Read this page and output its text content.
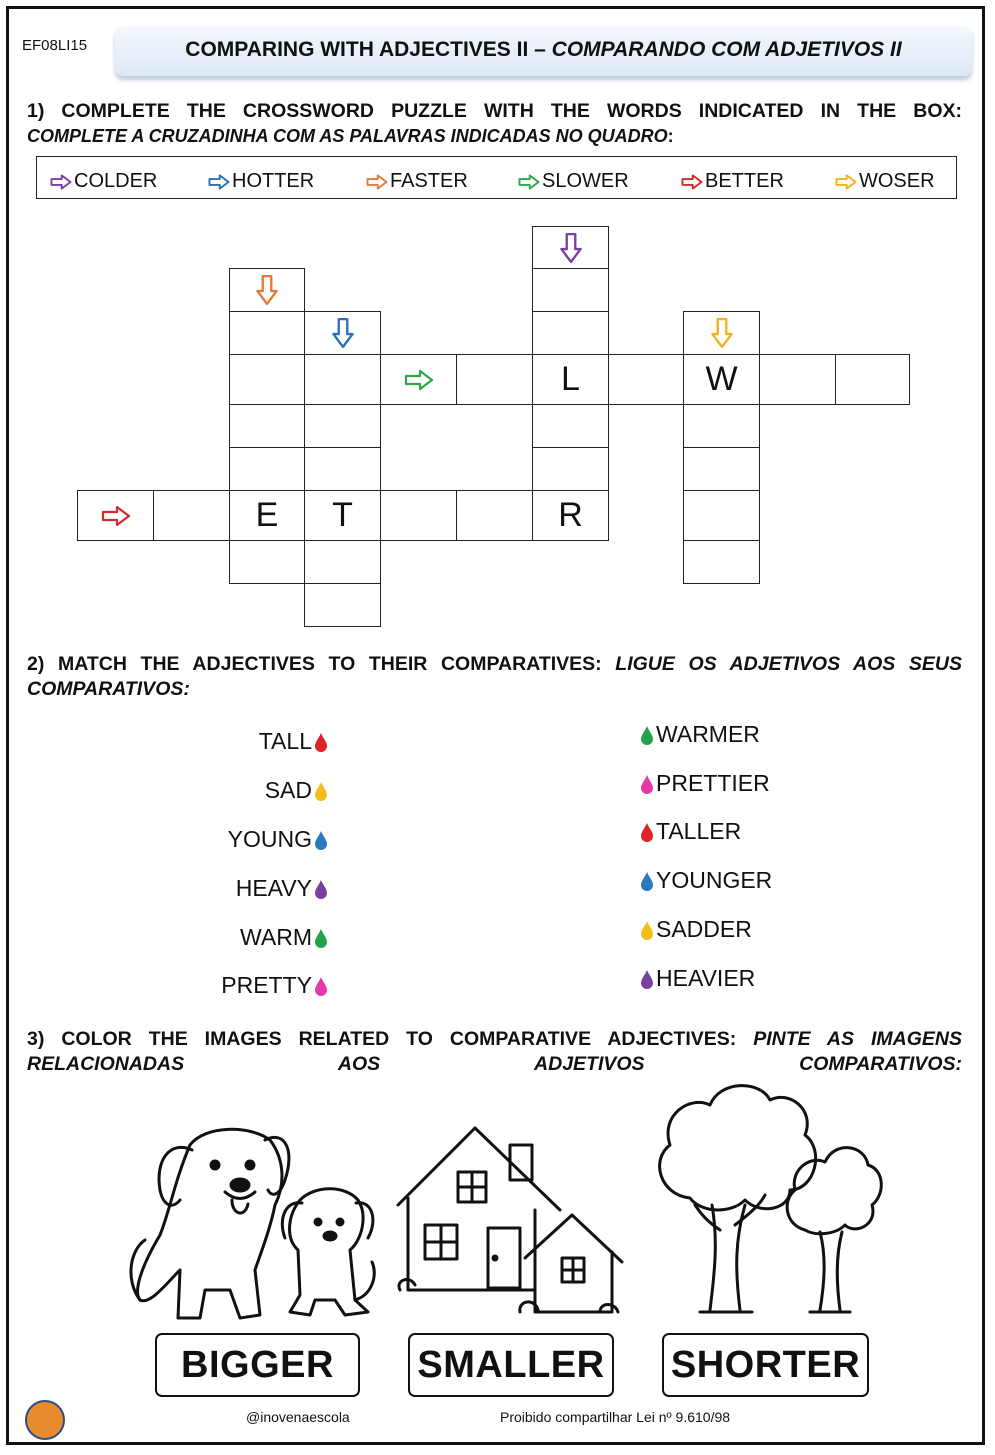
EF08LI15	COMPARING WITH ADJECTIVES II – COMPARANDO COM ADJETIVOS II
1) COMPLETE THE CROSSWORD PUZZLE WITH THE WORDS INDICATED IN THE BOX:
COMPLETE A CRUZADINHA COM AS PALAVRAS INDICADAS NO QUADRO:
COLDER	HOTTER	FASTER	SLOWER	BETTER	WOSER
L	W
E	T	R
2) MATCH THE ADJECTIVES TO THEIR COMPARATIVES: LIGUE OS ADJETIVOS AOS SEUS COMPARATIVOS:
TALL
SAD
YOUNG
HEAVY
WARM
PRETTY
WARMER
PRETTIER
TALLER
YOUNGER
SADDER
HEAVIER
3) COLOR THE IMAGES RELATED TO COMPARATIVE ADJECTIVES: PINTE AS IMAGENS RELACIONADAS AOS ADJETIVOS COMPARATIVOS:
BIGGER	SMALLER SHORTER
@inovenaescola	Proibido compartilhar Lei nº 9.610/98
